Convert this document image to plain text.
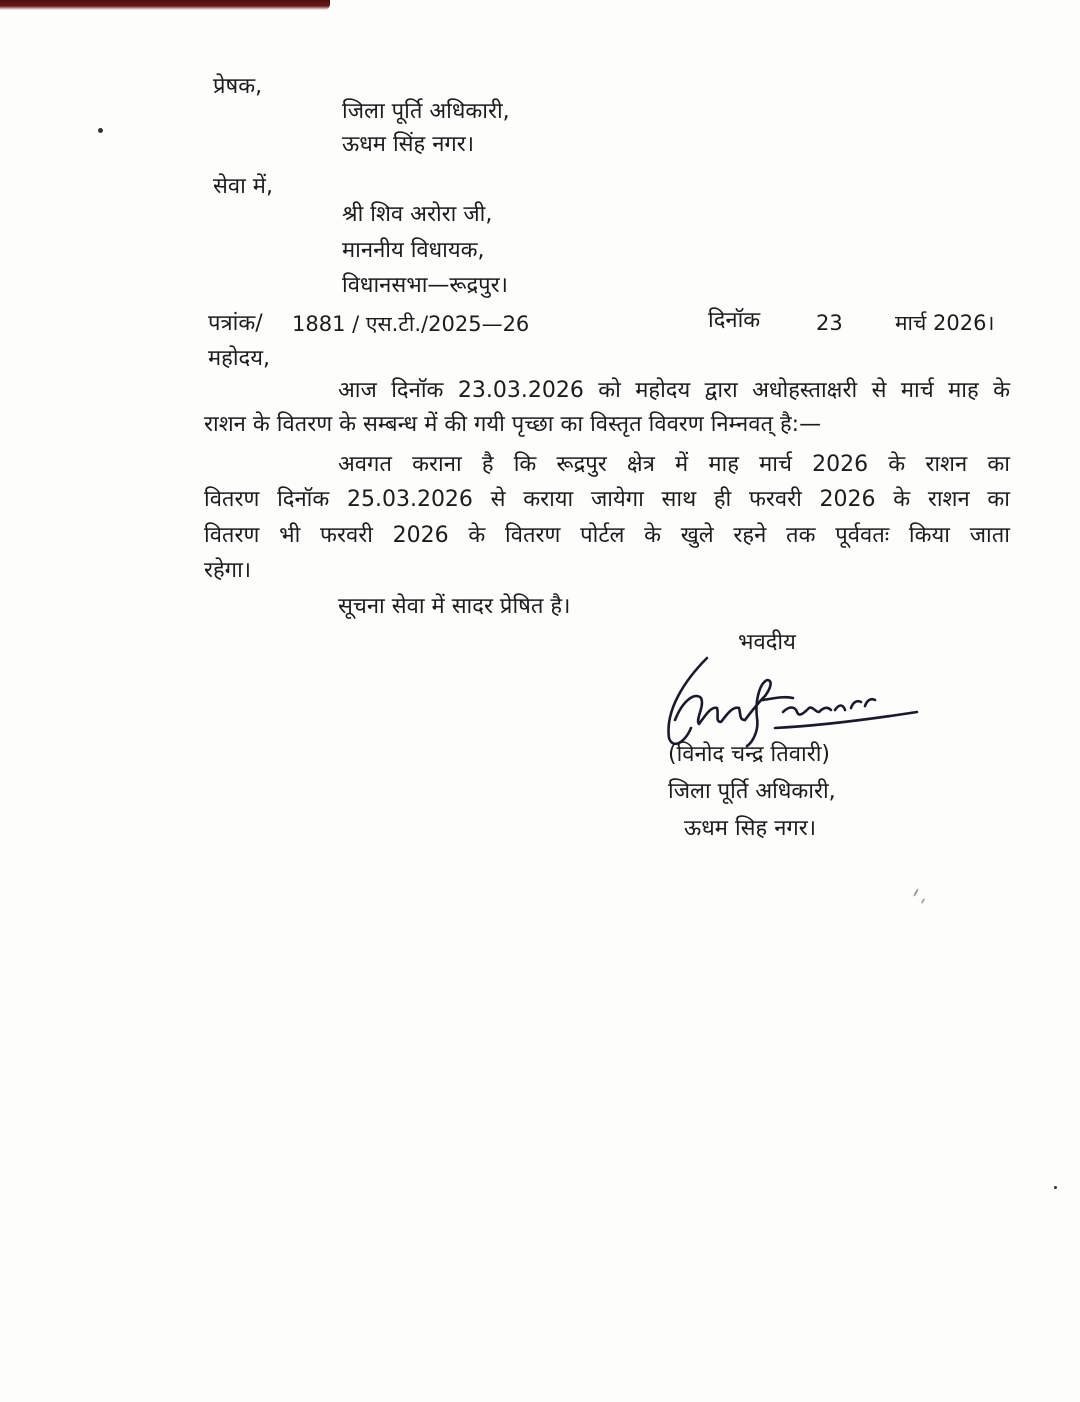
प्रेषक,
जिला पूर्ति अधिकारी,
ऊधम सिंह नगर।
सेवा में,
श्री शिव अरोरा जी,
माननीय विधायक,
विधानसभा—रूद्रपुर।
पत्रांक/ 1881 / एस.टी./2025—26	दिनॉक	23 मार्च 2026।
महोदय,
आज दिनॉक 23.03.2026 को महोदय द्वारा अधोहस्ताक्षरी से मार्च माह के
राशन के वितरण के सम्बन्ध में की गयी पृच्छा का विस्तृत विवरण निम्नवत् है:—
अवगत कराना है कि रूद्रपुर क्षेत्र में माह मार्च 2026 के राशन का
वितरण दिनॉक 25.03.2026 से कराया जायेगा साथ ही फरवरी 2026 के राशन का
वितरण भी फरवरी 2026 के वितरण पोर्टल के खुले रहने तक पूर्ववतः किया जाता
रहेगा।
सूचना सेवा में सादर प्रेषित है।
भवदीय
(विनोद चन्द्र तिवारी)
जिला पूर्ति अधिकारी,
ऊधम सिह नगर।
